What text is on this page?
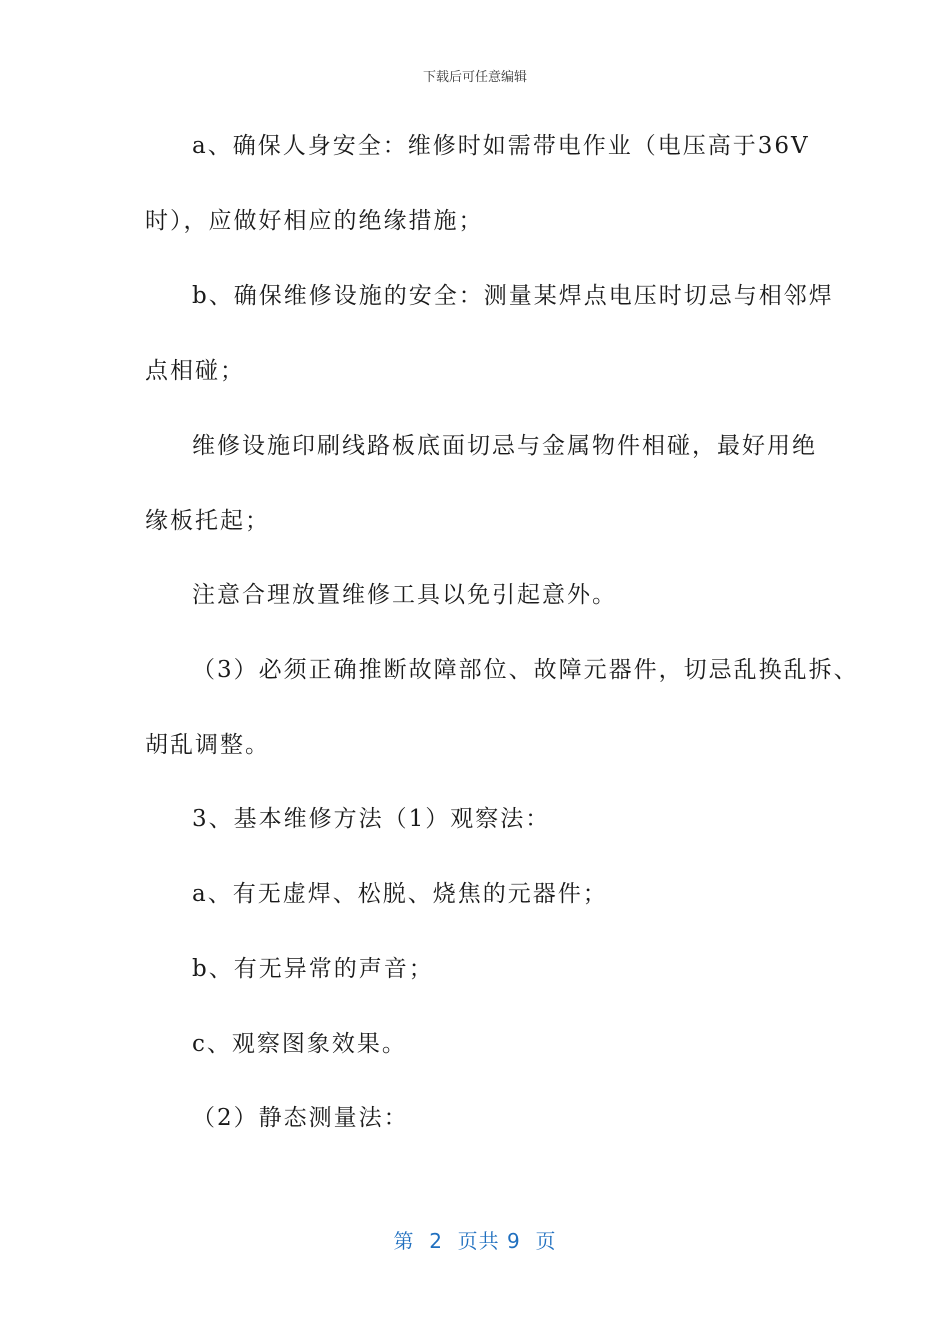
下载后可任意编辑
a、确保人身安全：维修时如需带电作业（电压高于36V
时），应做好相应的绝缘措施；
b、确保维修设施的安全：测量某焊点电压时切忌与相邻焊
点相碰；
维修设施印刷线路板底面切忌与金属物件相碰，最好用绝
缘板托起；
注意合理放置维修工具以免引起意外。
（3）必须正确推断故障部位、故障元器件，切忌乱换乱拆、
胡乱调整。
3、基本维修方法（1）观察法：
a、有无虚焊、松脱、烧焦的元器件；
b、有无异常的声音；
c、观察图象效果。
（2）静态测量法：
第  2  页共 9  页
